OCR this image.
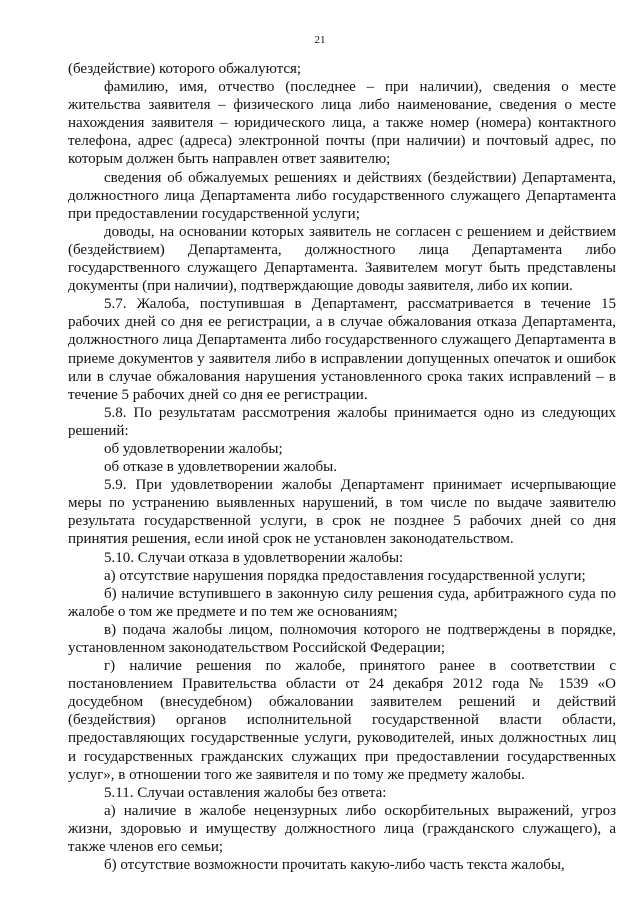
21

(бездействие) которого обжалуются;

фамилию, имя, отчество (последнее – при наличии), сведения о месте жительства заявителя – физического лица либо наименование, сведения о месте нахождения заявителя – юридического лица, а также номер (номера) контактного телефона, адрес (адреса) электронной почты (при наличии) и почтовый адрес, по которым должен быть направлен ответ заявителю;

сведения об обжалуемых решениях и действиях (бездействии) Департамента, должностного лица Департамента либо государственного служащего Департамента при предоставлении государственной услуги;

доводы, на основании которых заявитель не согласен с решением и действием (бездействием) Департамента, должностного лица Департамента либо государственного служащего Департамента. Заявителем могут быть представлены документы (при наличии), подтверждающие доводы заявителя, либо их копии.

5.7. Жалоба, поступившая в Департамент, рассматривается в течение 15 рабочих дней со дня ее регистрации, а в случае обжалования отказа Департамента, должностного лица Департамента либо государственного служащего Департамента в приеме документов у заявителя либо в исправлении допущенных опечаток и ошибок или в случае обжалования нарушения установленного срока таких исправлений – в течение 5 рабочих дней со дня ее регистрации.

5.8. По результатам рассмотрения жалобы принимается одно из следующих решений:

об удовлетворении жалобы;

об отказе в удовлетворении жалобы.

5.9. При удовлетворении жалобы Департамент принимает исчерпывающие меры по устранению выявленных нарушений, в том числе по выдаче заявителю результата государственной услуги, в срок не позднее 5 рабочих дней со дня принятия решения, если иной срок не установлен законодательством.

5.10. Случаи отказа в удовлетворении жалобы:

а) отсутствие нарушения порядка предоставления государственной услуги;

б) наличие вступившего в законную силу решения суда, арбитражного суда по жалобе о том же предмете и по тем же основаниям;

в) подача жалобы лицом, полномочия которого не подтверждены в порядке, установленном законодательством Российской Федерации;

г) наличие решения по жалобе, принятого ранее в соответствии с постановлением Правительства области от 24 декабря 2012 года № 1539 «О досудебном (внесудебном) обжаловании заявителем решений и действий (бездействия) органов исполнительной государственной власти области, предоставляющих государственные услуги, руководителей, иных должностных лиц и государственных гражданских служащих при предоставлении государственных услуг», в отношении того же заявителя и по тому же предмету жалобы.

5.11. Случаи оставления жалобы без ответа:

а) наличие в жалобе нецензурных либо оскорбительных выражений, угроз жизни, здоровью и имуществу должностного лица (гражданского служащего), а также членов его семьи;

б) отсутствие возможности прочитать какую-либо часть текста жалобы,
